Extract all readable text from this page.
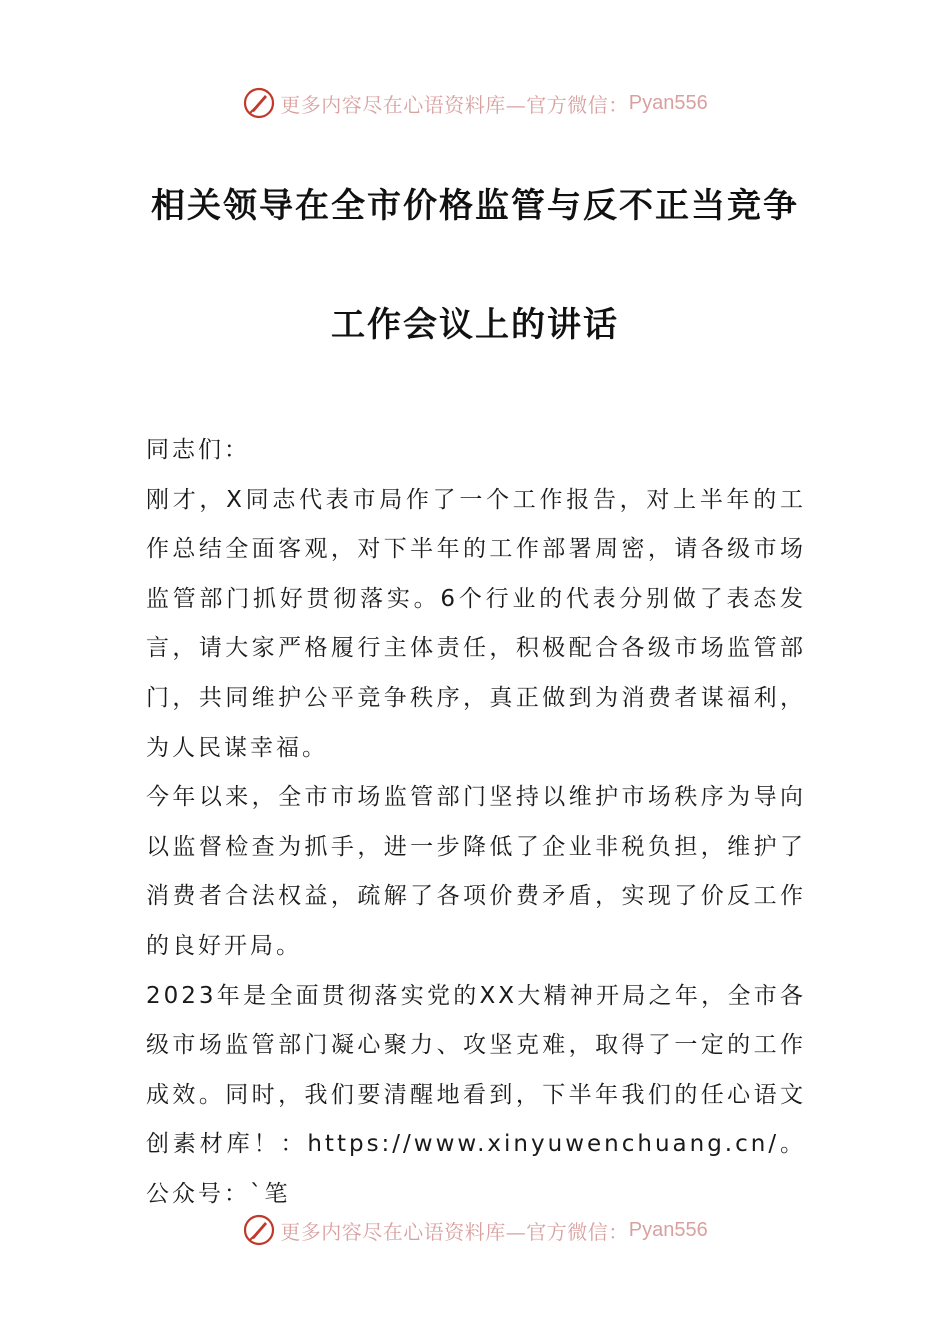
更多内容尽在心语资料库—官方微信： Pyan556
相关领导在全市价格监管与反不正当竞争
工作会议上的讲话

同志们：

刚才，X同志代表市局作了一个工作报告，对上半年的工作总结全面客观，对下半年的工作部署周密，请各级市场监管部门抓好贯彻落实。6个行业的代表分别做了表态发言，请大家严格履行主体责任，积极配合各级市场监管部门，共同维护公平竞争秩序，真正做到为消费者谋福利，为人民谋幸福。

今年以来，全市市场监管部门坚持以维护市场秩序为导向以监督检查为抓手，进一步降低了企业非税负担，维护了消费者合法权益，疏解了各项价费矛盾，实现了价反工作的良好开局。

2023年是全面贯彻落实党的XX大精神开局之年，全市各级市场监管部门凝心聚力、攻坚克难，取得了一定的工作成效。同时，我们要清醒地看到，下半年我们的任心语文创素材库！：https://www.xinyuwenchuang.cn/。公众号：`笔

更多内容尽在心语资料库—官方微信： Pyan556
